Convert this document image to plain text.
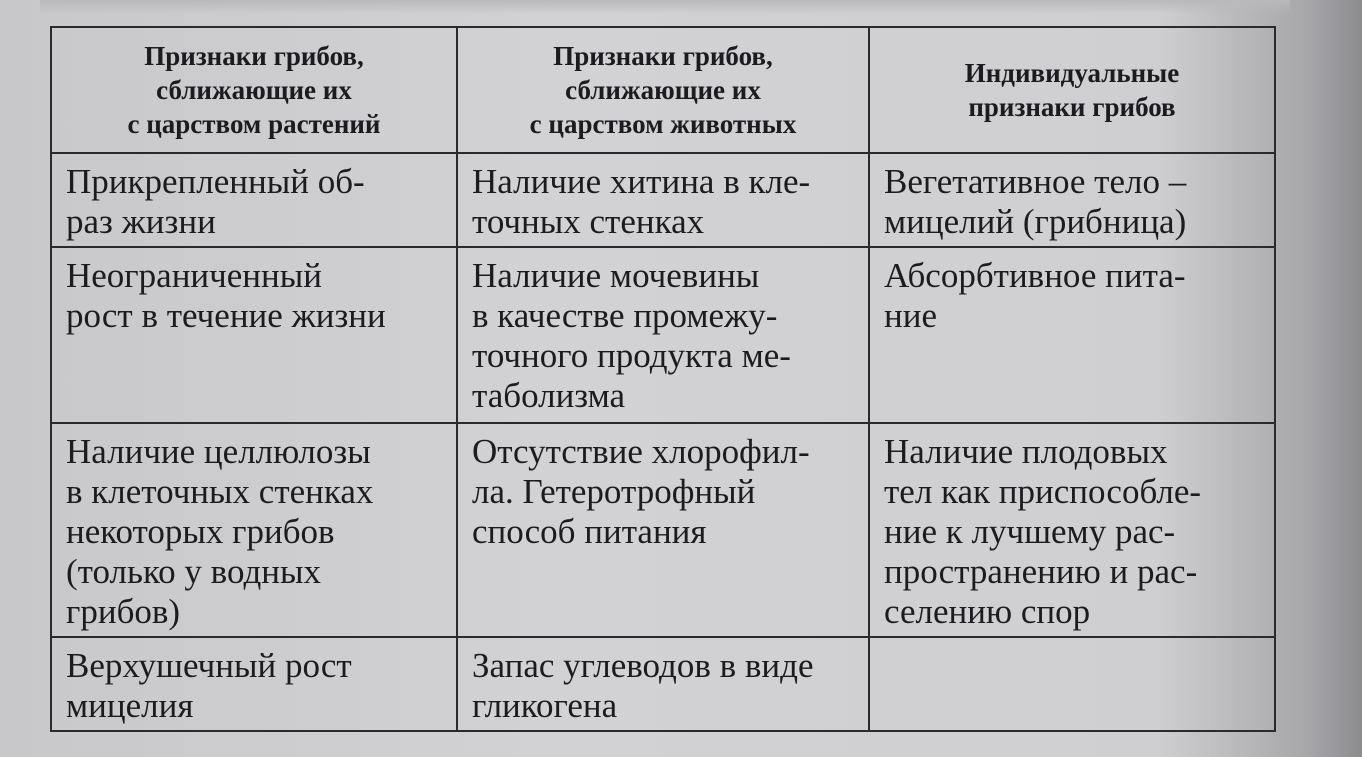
Признаки грибов,
сближающие их
с царством растений	Признаки грибов,
сближающие их
с царством животных	Индивидуальные
признаки грибов

Прикрепленный об-
раз жизни	Наличие хитина в кле-
точных стенках	Вегетативное тело –
мицелий (грибница)

Неограниченный
рост в течение жизни	Наличие мочевины
в качестве промежу-
точного продукта ме-
таболизма	Абсорбтивное пита-
ние

Наличие целлюлозы
в клеточных стенках
некоторых грибов
(только у водных
грибов)	Отсутствие хлорофил-
ла. Гетеротрофный
способ питания	Наличие плодовых
тел как приспособле-
ние к лучшему рас-
пространению и рас-
селению спор

Верхушечный рост
мицелия	Запас углеводов в виде
гликогена	
